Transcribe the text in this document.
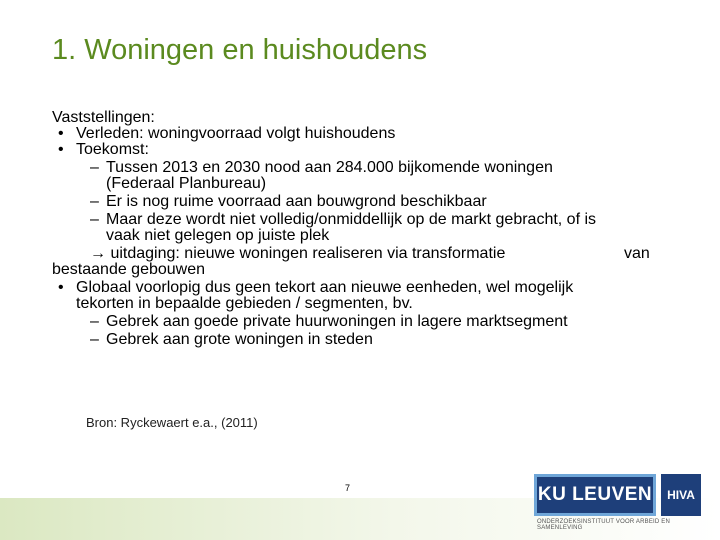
1. Woningen en huishoudens
Vaststellingen:
• Verleden: woningvoorraad volgt huishoudens
• Toekomst:
– Tussen 2013 en 2030 nood aan 284.000 bijkomende woningen
(Federaal Planbureau)
– Er is nog ruime voorraad aan bouwgrond beschikbaar
– Maar deze wordt niet volledig/onmiddellijk op de markt gebracht, of is
vaak niet gelegen op juiste plek
→ uitdaging: nieuwe woningen realiseren via transformatie	van
bestaande gebouwen
• Globaal voorlopig dus geen tekort aan nieuwe eenheden, wel mogelijk
tekorten in bepaalde gebieden / segmenten, bv.
– Gebrek aan goede private huurwoningen in lagere marktsegment
– Gebrek aan grote woningen in steden
Bron: Ryckewaert e.a., (2011)
7	KU LEUVEN HIVA
ONDERZOEKSINSTITUUT VOOR ARBEID EN SAMENLEVING
